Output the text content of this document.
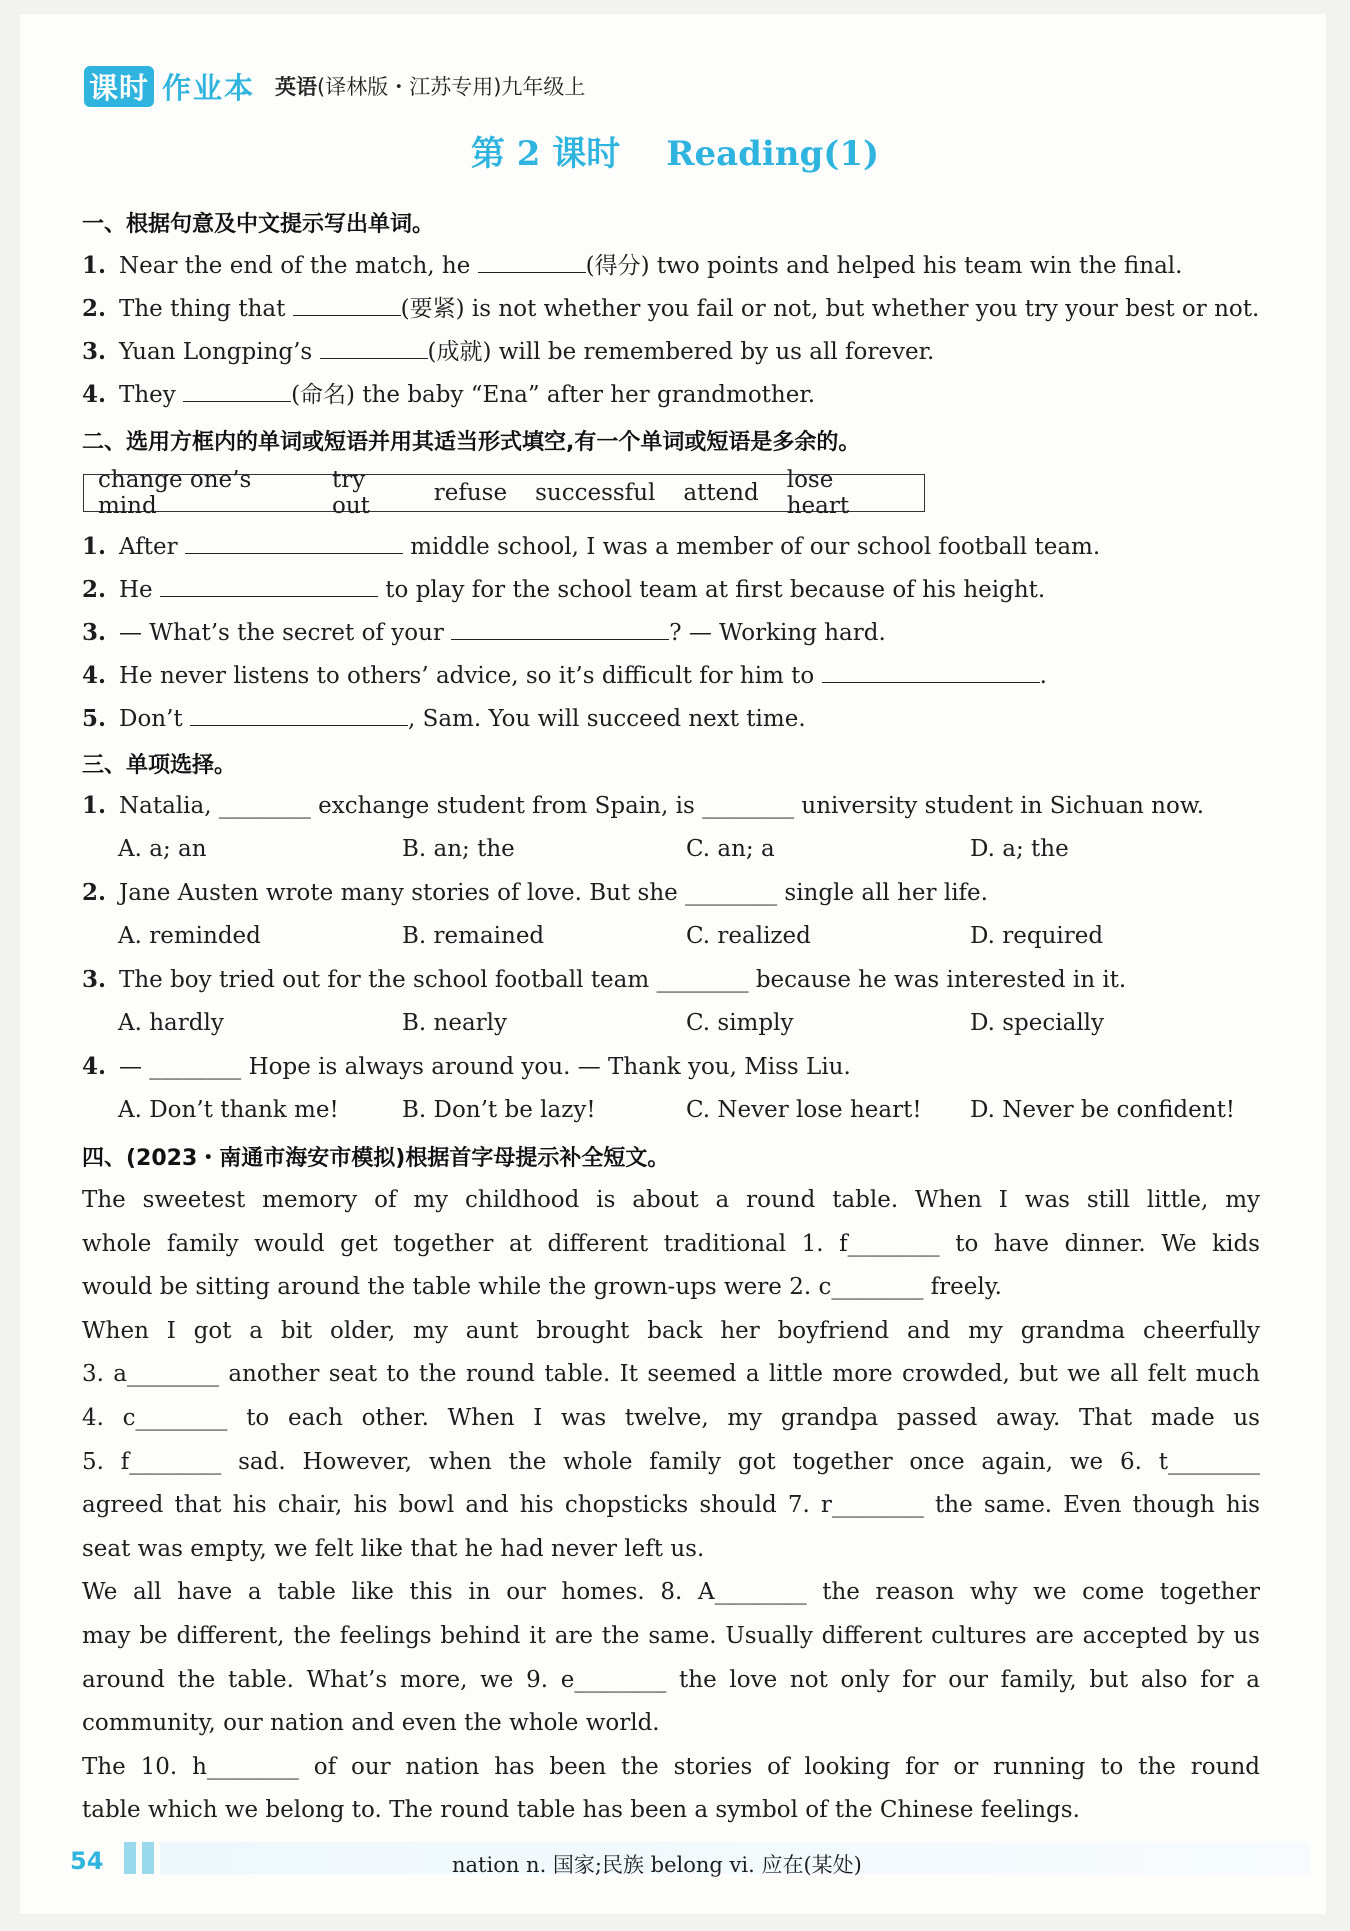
课时 作业本 英语(译林版・江苏专用)九年级上
第 2 课时 Reading(1)
一、根据句意及中文提示写出单词。
1. Near the end of the match, he	(得分) two points and helped his team win the final.
2. The thing that	(要紧) is not whether you fail or not, but whether you try your best or not.
3. Yuan Longping’s	(成就) will be remembered by us all forever.
4. They	(命名) the baby “Ena” after her grandmother.
二、选用方框内的单词或短语并用其适当形式填空,有一个单词或短语是多余的。
change one’s mind
try out	refuse successful attend lose heart
1. After	middle school, I was a member of our school football team.
2. He	to play for the school team at first because of his height.
3. — What’s the secret of your	? — Working hard.
4. He never listens to others’ advice, so it’s difficult for him to	.
5. Don’t	, Sam. You will succeed next time.
三、单项选择。
1. Natalia, ________ exchange student from Spain, is ________ university student in Sichuan now.
A. a; an	B. an; the	C. an; a	D. a; the
2. Jane Austen wrote many stories of love. But she ________ single all her life.
A. reminded	B. remained	C. realized	D. required
3. The boy tried out for the school football team ________ because he was interested in it.
A. hardly	B. nearly	C. simply	D. specially
4. — ________ Hope is always around you. — Thank you, Miss Liu.
A. Don’t thank me!	B. Don’t be lazy!	C. Never lose heart! D. Never be confident!
四、(2023・南通市海安市模拟)根据首字母提示补全短文。
The sweetest memory of my childhood is about a round table. When I was still little, my
whole family would get together at different traditional 1. f________ to have dinner. We kids
would be sitting around the table while the grown-ups were 2. c________ freely.
When I got a bit older, my aunt brought back her boyfriend and my grandma cheerfully
3. a________ another seat to the round table. It seemed a little more crowded, but we all felt much
4. c________ to each other. When I was twelve, my grandpa passed away. That made us
5. f________ sad. However, when the whole family got together once again, we 6. t________
agreed that his chair, his bowl and his chopsticks should 7. r________ the same. Even though his
seat was empty, we felt like that he had never left us.
We all have a table like this in our homes. 8. A________ the reason why we come together
may be different, the feelings behind it are the same. Usually different cultures are accepted by us
around the table. What’s more, we 9. e________ the love not only for our family, but also for a
community, our nation and even the whole world.
The 10. h________ of our nation has been the stories of looking for or running to the round
table which we belong to. The round table has been a symbol of the Chinese feelings.
54	nation n. 国家;民族 belong vi. 应在(某处)
